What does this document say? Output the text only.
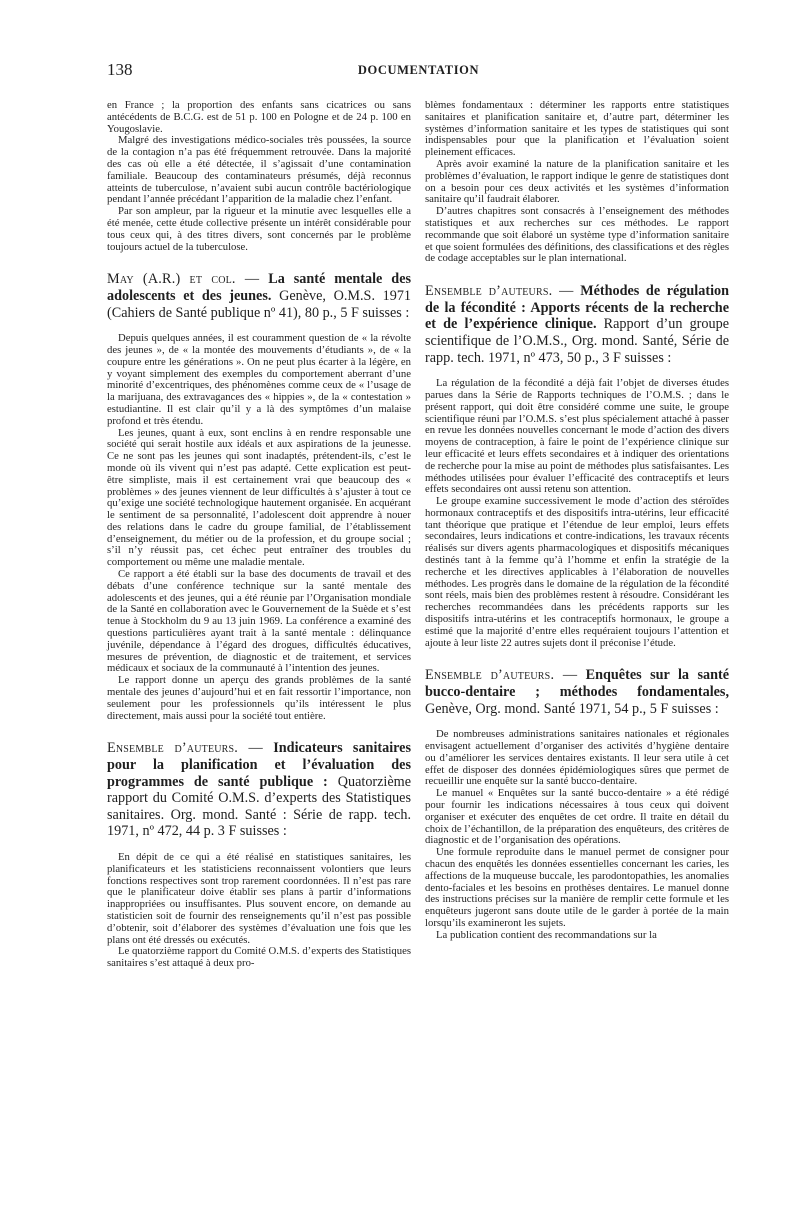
138	DOCUMENTATION

en France ; la proportion des enfants sans cicatrices ou sans antécédents de B.C.G. est de 51 p. 100 en Pologne et de 24 p. 100 en Yougoslavie.

Malgré des investigations médico-sociales très poussées, la source de la contagion n’a pas été fréquemment retrouvée. Dans la majorité des cas où elle a été détectée, il s’agissait d’une contamination familiale. Beaucoup des contaminateurs présumés, déjà reconnus atteints de tuberculose, n’avaient subi aucun contrôle bactériologique pendant l’année précédant l’apparition de la maladie chez l’enfant.

Par son ampleur, par la rigueur et la minutie avec lesquelles elle a été menée, cette étude collective présente un intérêt considérable pour tous ceux qui, à des titres divers, sont concernés par le problème toujours actuel de la tuberculose.

May (A.R.) et col. — La santé mentale des adolescents et des jeunes. Genève, O.M.S. 1971 (Cahiers de Santé publique nº 41), 80 p., 5 F suisses :

Depuis quelques années, il est couramment question de « la révolte des jeunes », de « la montée des mouvements d’étudiants », de « la coupure entre les générations ». On ne peut plus écarter à la légère, en y voyant simplement des exemples du comportement aberrant d’une minorité d’excentriques, des phénomènes comme ceux de « l’usage de la marijuana, des extravagances des « hippies », de la « contestation » estudiantine. Il est clair qu’il y a là des symptômes d’un malaise profond et très étendu.

Les jeunes, quant à eux, sont enclins à en rendre responsable une société qui serait hostile aux idéals et aux aspirations de la jeunesse. Ce ne sont pas les jeunes qui sont inadaptés, prétendent-ils, c’est le monde où ils vivent qui n’est pas adapté. Cette explication est peut-être simpliste, mais il est certainement vrai que beaucoup des « problèmes » des jeunes viennent de leur difficultés à s’ajuster à tout ce qu’exige une société technologique hautement organisée. En acquérant le sentiment de sa personnalité, l’adolescent doit apprendre à nouer des relations dans le cadre du groupe familial, de l’établissement d’enseignement, du métier ou de la profession, et du groupe social ; s’il n’y réussit pas, cet échec peut entraîner des troubles du comportement ou même une maladie mentale.

Ce rapport a été établi sur la base des documents de travail et des débats d’une conférence technique sur la santé mentale des adolescents et des jeunes, qui a été réunie par l’Organisation mondiale de la Santé en collaboration avec le Gouvernement de la Suède et s’est tenue à Stockholm du 9 au 13 juin 1969. La conférence a examiné des questions particulières ayant trait à la santé mentale : délinquance juvénile, dépendance à l’égard des drogues, difficultés éducatives, mesures de prévention, de diagnostic et de traitement, et services médicaux et sociaux de la communauté à l’intention des jeunes.

Le rapport donne un aperçu des grands problèmes de la santé mentale des jeunes d’aujourd’hui et en fait ressortir l’importance, non seulement pour les professionnels qu’ils intéressent le plus directement, mais aussi pour la société tout entière.

Ensemble d’auteurs. — Indicateurs sanitaires pour la planification et l’évaluation des programmes de santé publique : Quatorzième rapport du Comité O.M.S. d’experts des Statistiques sanitaires. Org. mond. Santé : Série de rapp. tech. 1971, nº 472, 44 p. 3 F suisses :

En dépit de ce qui a été réalisé en statistiques sanitaires, les planificateurs et les statisticiens reconnaissent volontiers que leurs fonctions respectives sont trop rarement coordonnées. Il n’est pas rare que le planificateur doive établir ses plans à partir d’informations inappropriées ou insuffisantes. Plus souvent encore, on demande au statisticien soit de fournir des renseignements qu’il n’est pas possible d’obtenir, soit d’élaborer des systèmes d’évaluation une fois que les plans ont été dressés ou exécutés.

Le quatorzième rapport du Comité O.M.S. d’experts des Statistiques sanitaires s’est attaqué à deux pro-

blèmes fondamentaux : déterminer les rapports entre statistiques sanitaires et planification sanitaire et, d’autre part, déterminer les systèmes d’information sanitaire et les types de statistiques qui sont indispensables pour que la planification et l’évaluation soient pleinement efficaces.

Après avoir examiné la nature de la planification sanitaire et les problèmes d’évaluation, le rapport indique le genre de statistiques dont on a besoin pour ces deux activités et les systèmes d’information sanitaire qu’il faudrait élaborer.

D’autres chapitres sont consacrés à l’enseignement des méthodes statistiques et aux recherches sur ces méthodes. Le rapport recommande que soit élaboré un système type d’information sanitaire et que soient formulées des définitions, des classifications et des règles de codage acceptables sur le plan international.

Ensemble d’auteurs. — Méthodes de régulation de la fécondité : Apports récents de la recherche et de l’expérience clinique. Rapport d’un groupe scientifique de l’O.M.S., Org. mond. Santé, Série de rapp. tech. 1971, nº 473, 50 p., 3 F suisses :

La régulation de la fécondité a déjà fait l’objet de diverses études parues dans la Série de Rapports techniques de l’O.M.S. ; dans le présent rapport, qui doit être considéré comme une suite, le groupe scientifique réuni par l’O.M.S. s’est plus spécialement attaché à passer en revue les données nouvelles concernant le mode d’action des divers moyens de contraception, à faire le point de l’expérience clinique sur leur efficacité et leurs effets secondaires et à indiquer des orientations de recherche pour la mise au point de méthodes plus satisfaisantes. Les méthodes utilisées pour évaluer l’efficacité des contraceptifs et leurs effets secondaires ont aussi retenu son attention.

Le groupe examine successivement le mode d’action des stéroïdes hormonaux contraceptifs et des dispositifs intra-utérins, leur efficacité tant théorique que pratique et l’étendue de leur emploi, leurs effets secondaires, leurs indications et contre-indications, les travaux récents réalisés sur divers agents pharmacologiques et dispositifs mécaniques destinés tant à la femme qu’à l’homme et enfin la stratégie de la recherche et les directives applicables à l’élaboration de nouvelles méthodes. Les progrès dans le domaine de la régulation de la fécondité sont réels, mais bien des problèmes restent à résoudre. Considérant les recherches recommandées dans les précédents rapports sur les dispositifs intra-utérins et les contraceptifs hormonaux, le groupe a estimé que la majorité d’entre elles requéraient toujours l’attention et ajoute à leur liste 22 autres sujets dont il préconise l’étude.

Ensemble d’auteurs. — Enquêtes sur la santé bucco-dentaire ; méthodes fondamentales, Genève, Org. mond. Santé 1971, 54 p., 5 F suisses :

De nombreuses administrations sanitaires nationales et régionales envisagent actuellement d’organiser des activités d’hygiène dentaire ou d’améliorer les services dentaires existants. Il leur sera utile à cet effet de disposer des données épidémiologiques sûres que permet de recueillir une enquête sur la santé bucco-dentaire.

Le manuel « Enquêtes sur la santé bucco-dentaire » a été rédigé pour fournir les indications nécessaires à tous ceux qui doivent organiser et exécuter des enquêtes de cet ordre. Il traite en détail du choix de l’échantillon, de la préparation des enquêteurs, des critères de diagnostic et de l’organisation des opérations.

Une formule reproduite dans le manuel permet de consigner pour chacun des enquêtés les données essentielles concernant les caries, les affections de la muqueuse buccale, les parodontopathies, les anomalies dento-faciales et les besoins en prothèses dentaires. Le manuel donne des instructions précises sur la manière de remplir cette formule et les enquêteurs jugeront sans doute utile de le garder à portée de la main lorsqu’ils examineront les sujets.

La publication contient des recommandations sur la
